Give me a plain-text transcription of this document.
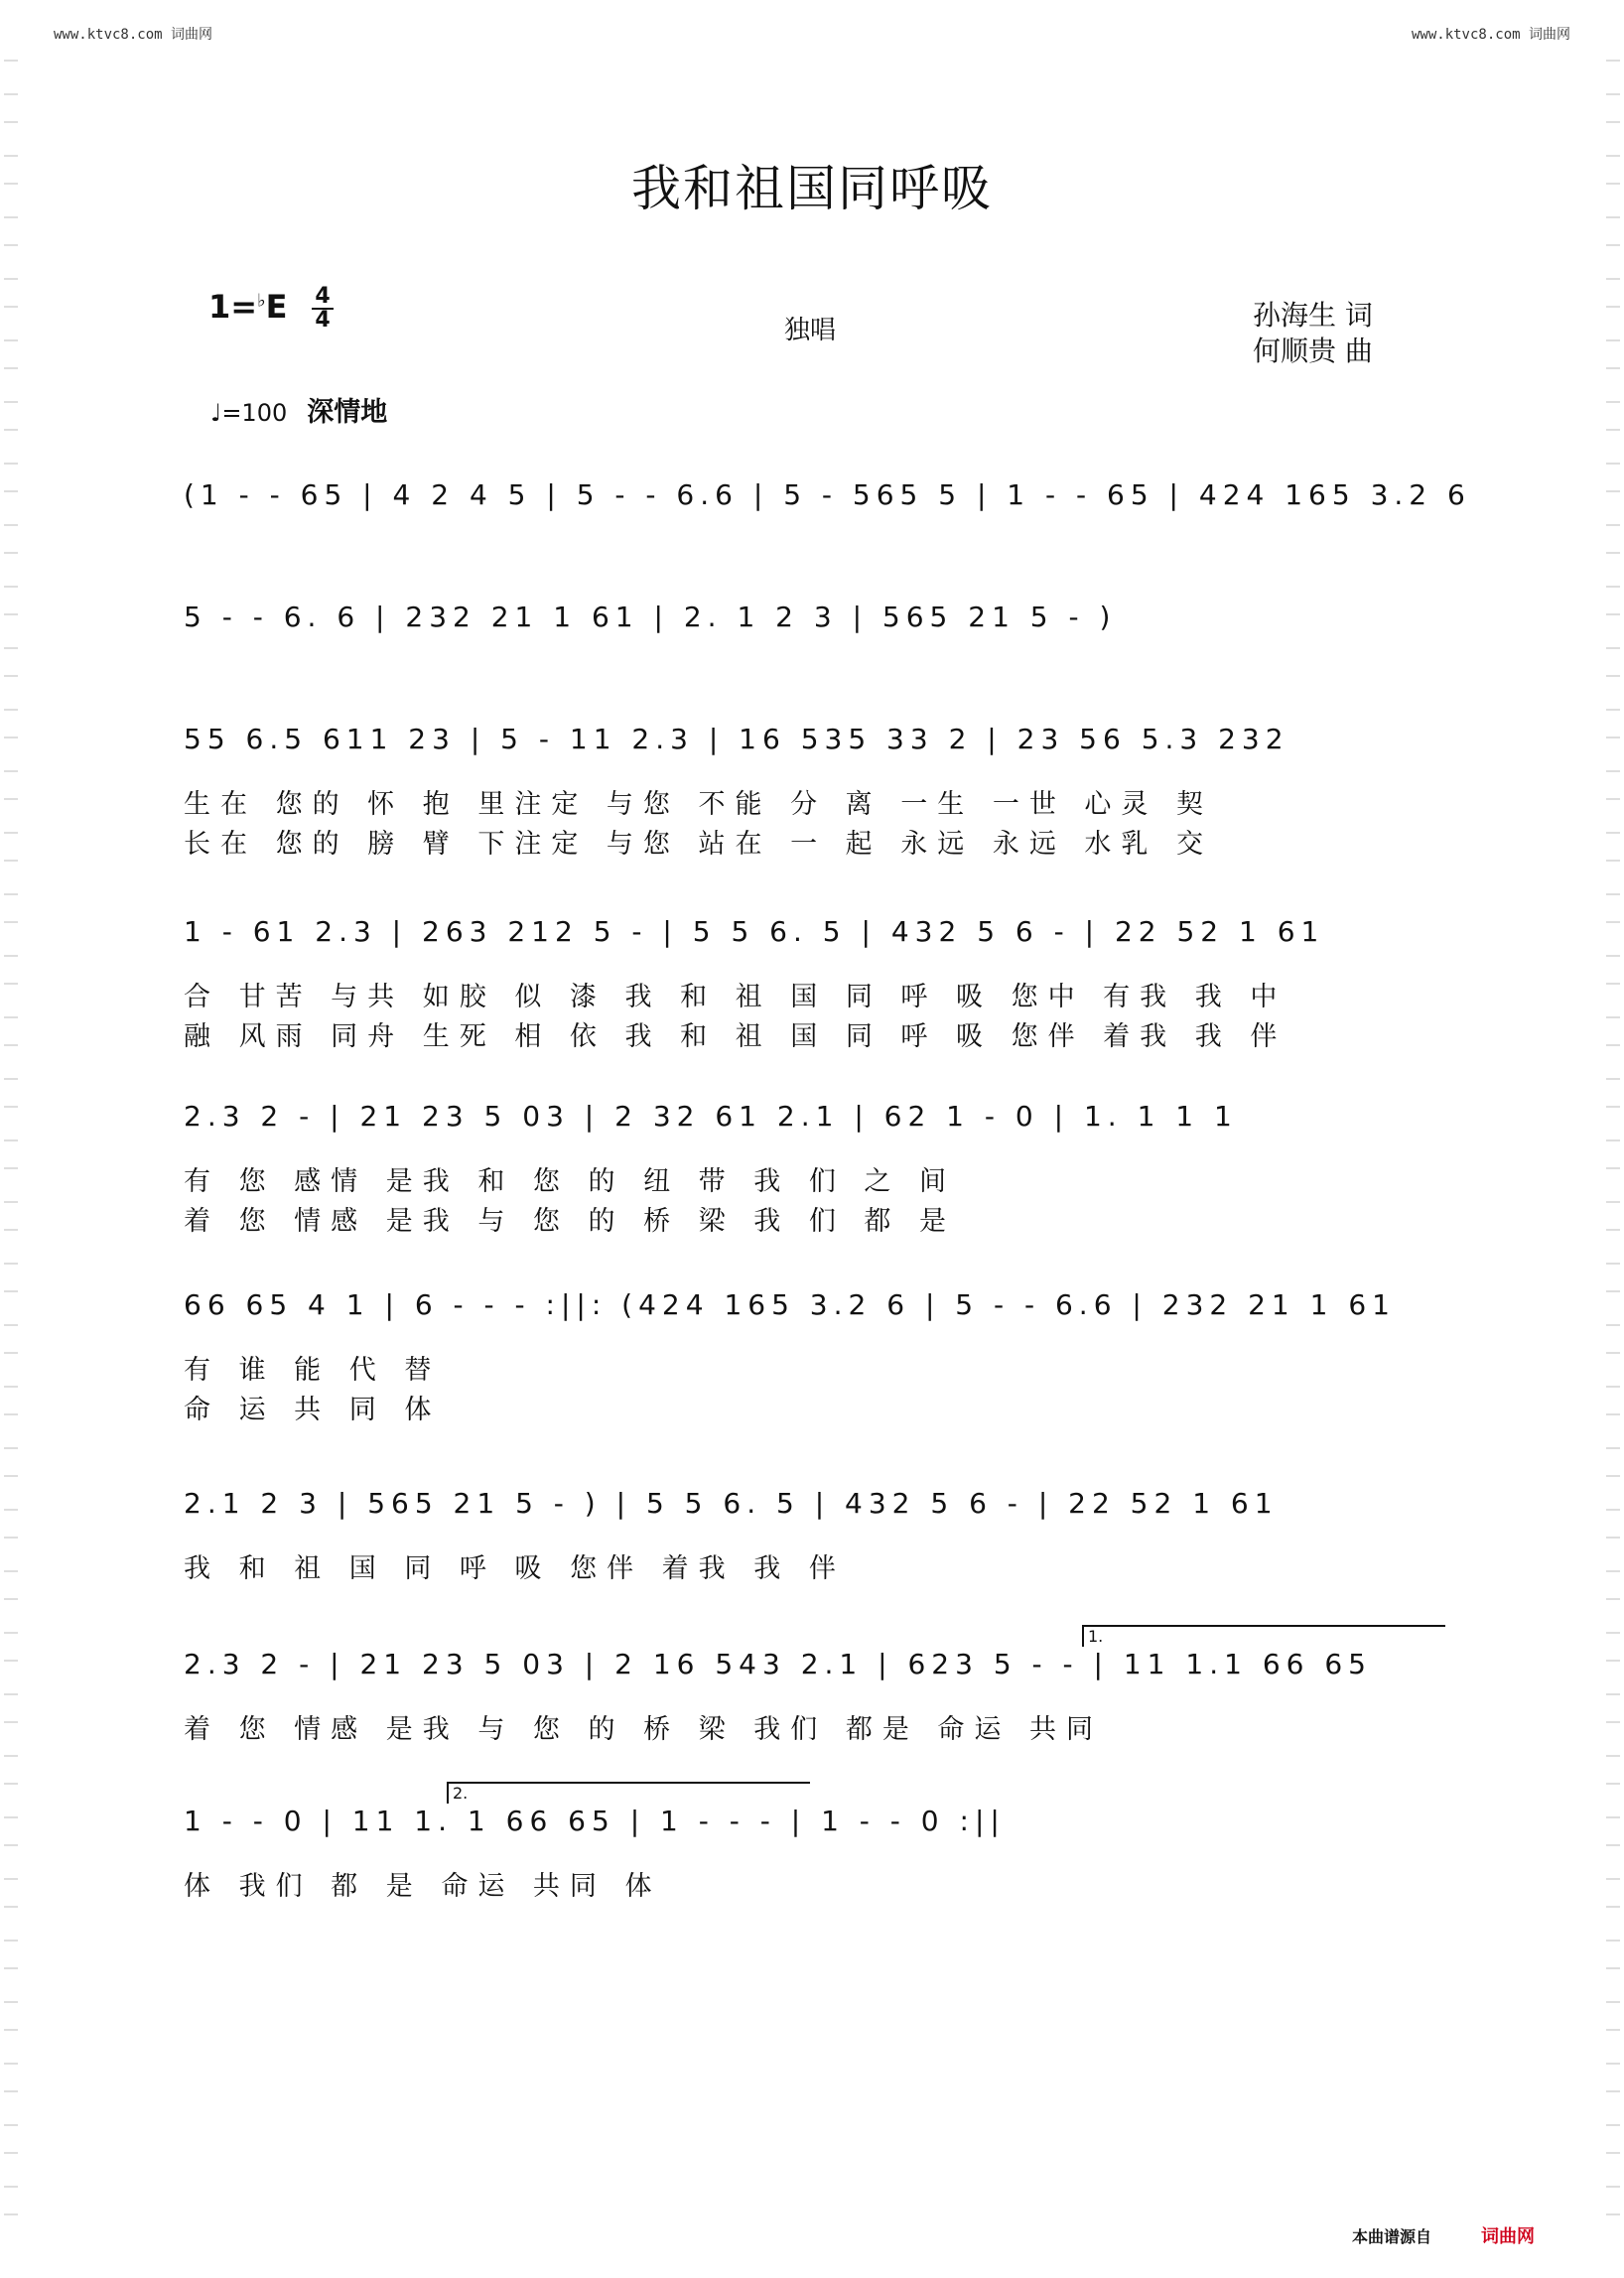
www.ktvc8.com 词曲网	www.ktvc8.com 词曲网
我和祖国同呼吸
1=♭E 4
4	独唱	孙海生 词
何顺贵 曲
♩=100 深情地
(1 - - 65 | 4 2 4 5 | 5 - - 6.6 | 5 - 565 5 | 1 - - 65 | 424 165 3.2 6
5 - - 6. 6 | 232 21 1 61 | 2. 1 2 3 | 565 21 5 - )
55 6.5 611 23 | 5 - 11 2.3 | 16 535 33 2 | 23 56 5.3 232
生在 您的 怀 抱 里注定 与您 不能 分 离 一生 一世 心灵 契
长在 您的 膀 臂 下注定 与您 站在 一 起 永远 永远 水乳 交
1 - 61 2.3 | 263 212 5 - | 5 5 6. 5 | 432 5 6 - | 22 52 1 61
合 甘苦 与共 如胶 似 漆 我 和 祖 国 同 呼 吸 您中 有我 我 中
融 风雨 同舟 生死 相 依 我 和 祖 国 同 呼 吸 您伴 着我 我 伴
2.3 2 - | 21 23 5 03 | 2 32 61 2.1 | 62 1 - 0 | 1. 1 1 1
有 您 感情 是我 和 您 的 纽 带 我 们 之 间
着 您 情感 是我 与 您 的 桥 梁 我 们 都 是
66 65 4 1 | 6 - - - :||: (424 165 3.2 6 | 5 - - 6.6 | 232 21 1 61
有 谁 能 代 替
命 运 共 同 体
2.1 2 3 | 565 21 5 - ) | 5 5 6. 5 | 432 5 6 - | 22 52 1 61
我 和 祖 国 同 呼 吸 您伴 着我 我 伴
2.3 2 - | 21 23 5 03 | 2 16 543 2.1 | 623 5 - - | 11 1.1 66 65
着 您 情感 是我 与 您 的 桥 梁 我们 都是 命运 共同
1 - - 0 | 11 1. 1 66 65 | 1 - - - | 1 - - 0 :||
体 我们 都 是 命运 共同 体
1.
2.
本曲谱源自	词曲网
